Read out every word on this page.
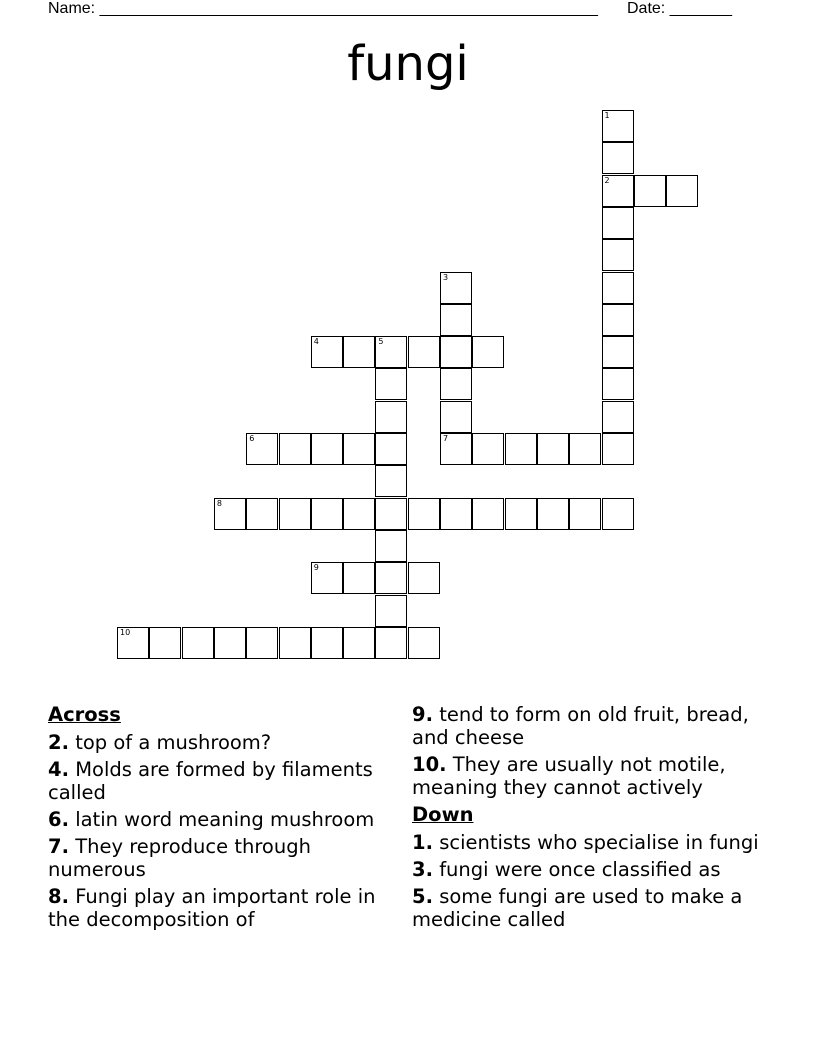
Name: ________________________________________________________ Date: _______
fungi
1
2
3
4	5
6	7
8
9
10
Across
2. top of a mushroom?
4. Molds are formed by filaments called
6. latin word meaning mushroom
7. They reproduce through numerous
8. Fungi play an important role in the decomposition of
9. tend to form on old fruit, bread, and cheese
10. They are usually not motile, meaning they cannot actively
Down
1. scientists who specialise in fungi
3. fungi were once classified as
5. some fungi are used to make a medicine called
